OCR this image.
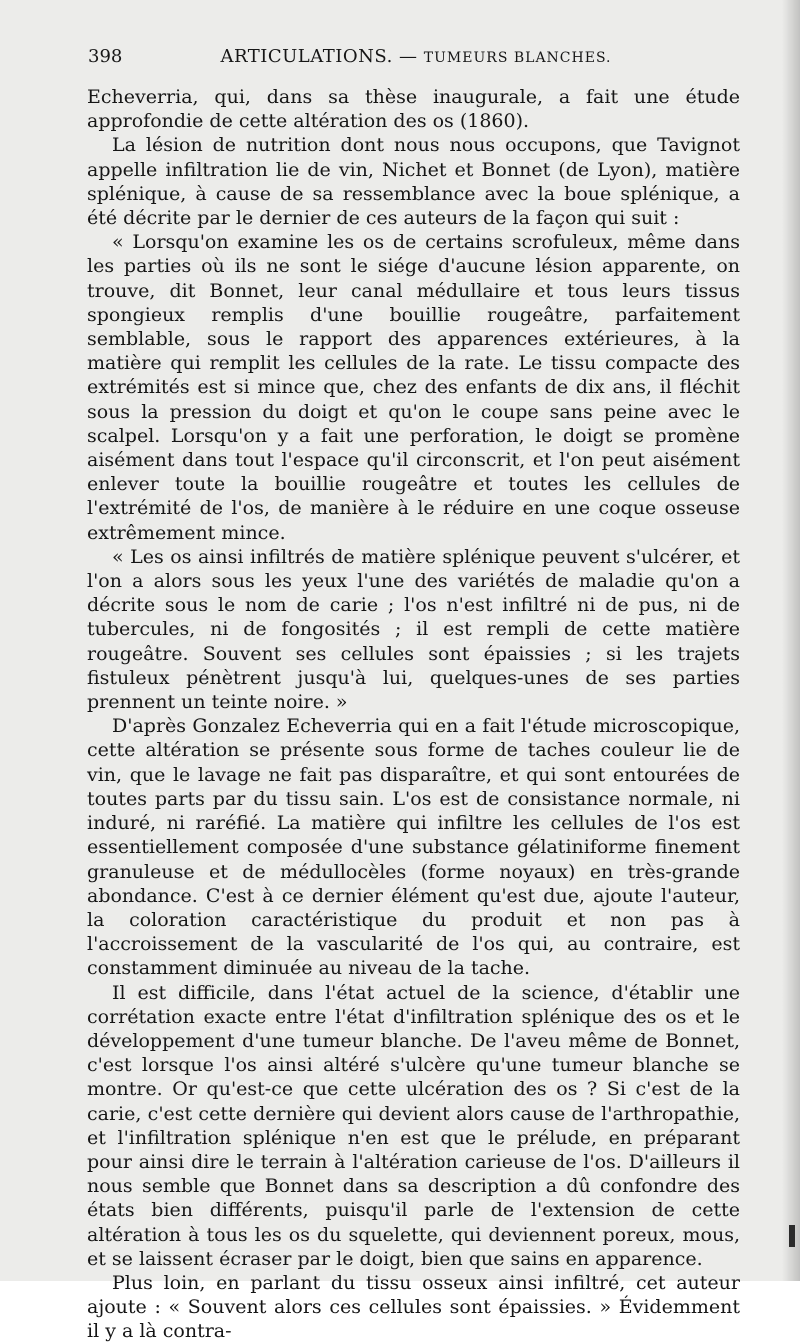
398	ARTICULATIONS. — TUMEURS BLANCHES.

Echeverria, qui, dans sa thèse inaugurale, a fait une étude approfondie de cette altération des os (1860).

La lésion de nutrition dont nous nous occupons, que Tavignot appelle infiltration lie de vin, Nichet et Bonnet (de Lyon), matière splénique, à cause de sa ressemblance avec la boue splénique, a été décrite par le dernier de ces auteurs de la façon qui suit :

« Lorsqu'on examine les os de certains scrofuleux, même dans les parties où ils ne sont le siége d'aucune lésion apparente, on trouve, dit Bonnet, leur canal médullaire et tous leurs tissus spongieux remplis d'une bouillie rougeâtre, parfaitement semblable, sous le rapport des apparences extérieures, à la matière qui remplit les cellules de la rate. Le tissu compacte des extrémités est si mince que, chez des enfants de dix ans, il fléchit sous la pression du doigt et qu'on le coupe sans peine avec le scalpel. Lorsqu'on y a fait une perforation, le doigt se promène aisément dans tout l'espace qu'il circonscrit, et l'on peut aisément enlever toute la bouillie rougeâtre et toutes les cellules de l'extrémité de l'os, de manière à le réduire en une coque osseuse extrêmement mince.

« Les os ainsi infiltrés de matière splénique peuvent s'ulcérer, et l'on a alors sous les yeux l'une des variétés de maladie qu'on a décrite sous le nom de carie ; l'os n'est infiltré ni de pus, ni de tubercules, ni de fongosités ; il est rempli de cette matière rougeâtre. Souvent ses cellules sont épaissies ; si les trajets fistuleux pénètrent jusqu'à lui, quelques-unes de ses parties prennent un teinte noire. »

D'après Gonzalez Echeverria qui en a fait l'étude microscopique, cette altération se présente sous forme de taches couleur lie de vin, que le lavage ne fait pas disparaître, et qui sont entourées de toutes parts par du tissu sain. L'os est de consistance normale, ni induré, ni raréfié. La matière qui infiltre les cellules de l'os est essentiellement composée d'une substance gélatiniforme finement granuleuse et de médullocèles (forme noyaux) en très-grande abondance. C'est à ce dernier élément qu'est due, ajoute l'auteur, la coloration caractéristique du produit et non pas à l'accroissement de la vascularité de l'os qui, au contraire, est constamment diminuée au niveau de la tache.

Il est difficile, dans l'état actuel de la science, d'établir une corrétation exacte entre l'état d'infiltration splénique des os et le développement d'une tumeur blanche. De l'aveu même de Bonnet, c'est lorsque l'os ainsi altéré s'ulcère qu'une tumeur blanche se montre. Or qu'est-ce que cette ulcération des os ? Si c'est de la carie, c'est cette dernière qui devient alors cause de l'arthropathie, et l'infiltration splénique n'en est que le prélude, en préparant pour ainsi dire le terrain à l'altération carieuse de l'os. D'ailleurs il nous semble que Bonnet dans sa description a dû confondre des états bien différents, puisqu'il parle de l'extension de cette altération à tous les os du squelette, qui deviennent poreux, mous, et se laissent écraser par le doigt, bien que sains en apparence.

Plus loin, en parlant du tissu osseux ainsi infiltré, cet auteur ajoute : « Souvent alors ces cellules sont épaissies. » Évidemment il y a là contra-
